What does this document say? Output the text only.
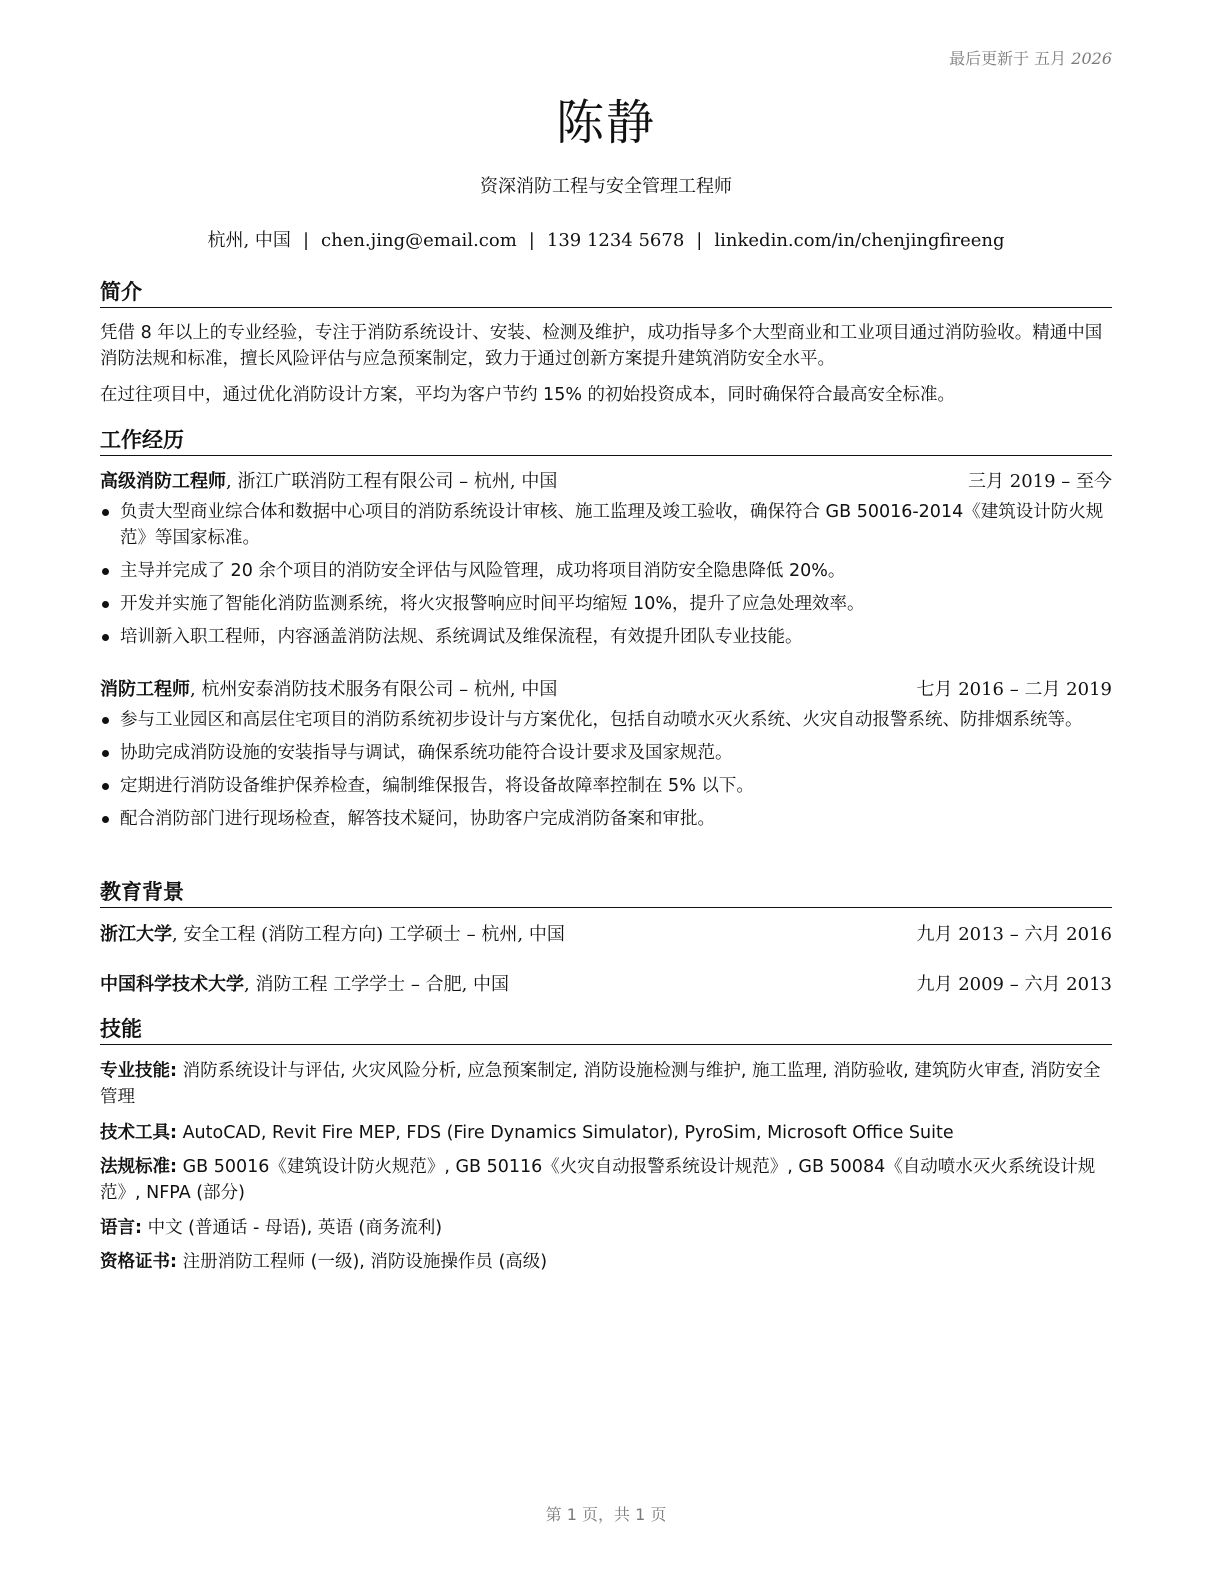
最后更新于 五月 2026
陈静
资深消防工程与安全管理工程师
杭州, 中国 | chen.jing@email.com | 139 1234 5678 | linkedin.com/in/chenjingfireeng
简介
凭借 8 年以上的专业经验，专注于消防系统设计、安装、检测及维护，成功指导多个大型商业和工业项目通过消防验收。精通中国消防法规和标准，擅长风险评估与应急预案制定，致力于通过创新方案提升建筑消防安全水平。
在过往项目中，通过优化消防设计方案，平均为客户节约 15% 的初始投资成本，同时确保符合最高安全标准。
工作经历
高级消防工程师, 浙江广联消防工程有限公司 – 杭州, 中国	三月 2019 – 至今
负责大型商业综合体和数据中心项目的消防系统设计审核、施工监理及竣工验收，确保符合 GB 50016-2014《建筑设计防火规范》等国家标准。
主导并完成了 20 余个项目的消防安全评估与风险管理，成功将项目消防安全隐患降低 20%。
开发并实施了智能化消防监测系统，将火灾报警响应时间平均缩短 10%，提升了应急处理效率。
培训新入职工程师，内容涵盖消防法规、系统调试及维保流程，有效提升团队专业技能。
消防工程师, 杭州安泰消防技术服务有限公司 – 杭州, 中国	七月 2016 – 二月 2019
参与工业园区和高层住宅项目的消防系统初步设计与方案优化，包括自动喷水灭火系统、火灾自动报警系统、防排烟系统等。
协助完成消防设施的安装指导与调试，确保系统功能符合设计要求及国家规范。
定期进行消防设备维护保养检查，编制维保报告，将设备故障率控制在 5% 以下。
配合消防部门进行现场检查，解答技术疑问，协助客户完成消防备案和审批。
教育背景
浙江大学, 安全工程 (消防工程方向) 工学硕士 – 杭州, 中国	九月 2013 – 六月 2016
中国科学技术大学, 消防工程 工学学士 – 合肥, 中国	九月 2009 – 六月 2013
技能
专业技能: 消防系统设计与评估, 火灾风险分析, 应急预案制定, 消防设施检测与维护, 施工监理, 消防验收, 建筑防火审查, 消防安全管理
技术工具: AutoCAD, Revit Fire MEP, FDS (Fire Dynamics Simulator), PyroSim, Microsoft Office Suite
法规标准: GB 50016《建筑设计防火规范》, GB 50116《火灾自动报警系统设计规范》, GB 50084《自动喷水灭火系统设计规范》, NFPA (部分)
语言: 中文 (普通话 - 母语), 英语 (商务流利)
资格证书: 注册消防工程师 (一级), 消防设施操作员 (高级)
第 1 页，共 1 页
